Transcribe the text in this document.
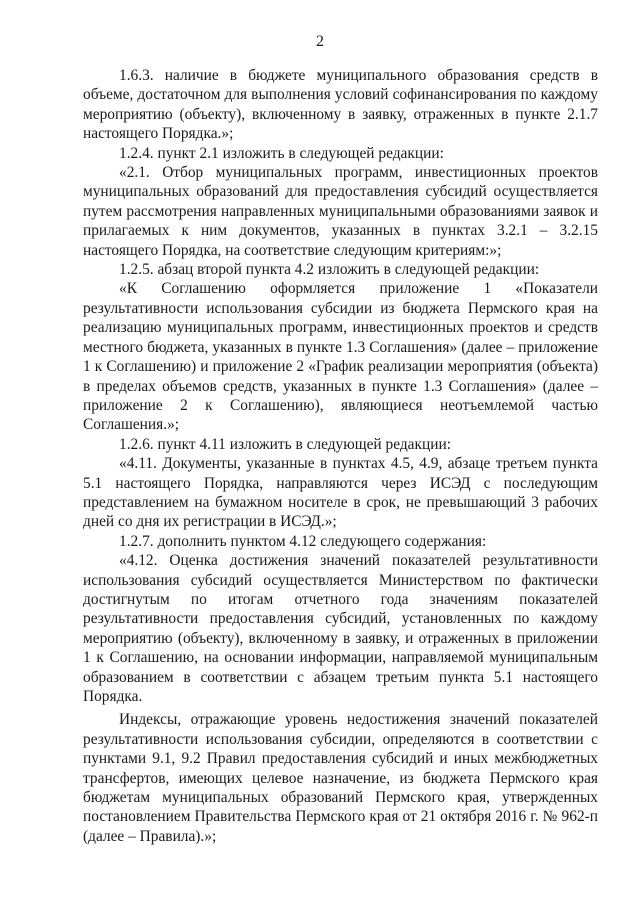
2

1.6.3. наличие в бюджете муниципального образования средств в объеме, достаточном для выполнения условий софинансирования по каждому мероприятию (объекту), включенному в заявку, отраженных в пункте 2.1.7 настоящего Порядка.»;

1.2.4. пункт 2.1 изложить в следующей редакции:

«2.1. Отбор муниципальных программ, инвестиционных проектов муниципальных образований для предоставления субсидий осуществляется путем рассмотрения направленных муниципальными образованиями заявок и прилагаемых к ним документов, указанных в пунктах 3.2.1 – 3.2.15 настоящего Порядка, на соответствие следующим критериям:»;

1.2.5. абзац второй пункта 4.2 изложить в следующей редакции:

«К Соглашению оформляется приложение 1 «Показатели результативности использования субсидии из бюджета Пермского края на реализацию муниципальных программ, инвестиционных проектов и средств местного бюджета, указанных в пункте 1.3 Соглашения» (далее – приложение 1 к Соглашению) и приложение 2 «График реализации мероприятия (объекта) в пределах объемов средств, указанных в пункте 1.3 Соглашения» (далее – приложение 2 к Соглашению), являющиеся неотъемлемой частью Соглашения.»;

1.2.6. пункт 4.11 изложить в следующей редакции:

«4.11. Документы, указанные в пунктах 4.5, 4.9, абзаце третьем пункта 5.1 настоящего Порядка, направляются через ИСЭД с последующим представлением на бумажном носителе в срок, не превышающий 3 рабочих дней со дня их регистрации в ИСЭД.»;

1.2.7. дополнить пунктом 4.12 следующего содержания:

«4.12. Оценка достижения значений показателей результативности использования субсидий осуществляется Министерством по фактически достигнутым по итогам отчетного года значениям показателей результативности предоставления субсидий, установленных по каждому мероприятию (объекту), включенному в заявку, и отраженных в приложении 1 к Соглашению, на основании информации, направляемой муниципальным образованием в соответствии с абзацем третьим пункта 5.1 настоящего Порядка.

Индексы, отражающие уровень недостижения значений показателей результативности использования субсидии, определяются в соответствии с пунктами 9.1, 9.2 Правил предоставления субсидий и иных межбюджетных трансфертов, имеющих целевое назначение, из бюджета Пермского края бюджетам муниципальных образований Пермского края, утвержденных постановлением Правительства Пермского края от 21 октября 2016 г. № 962-п (далее – Правила).»;
